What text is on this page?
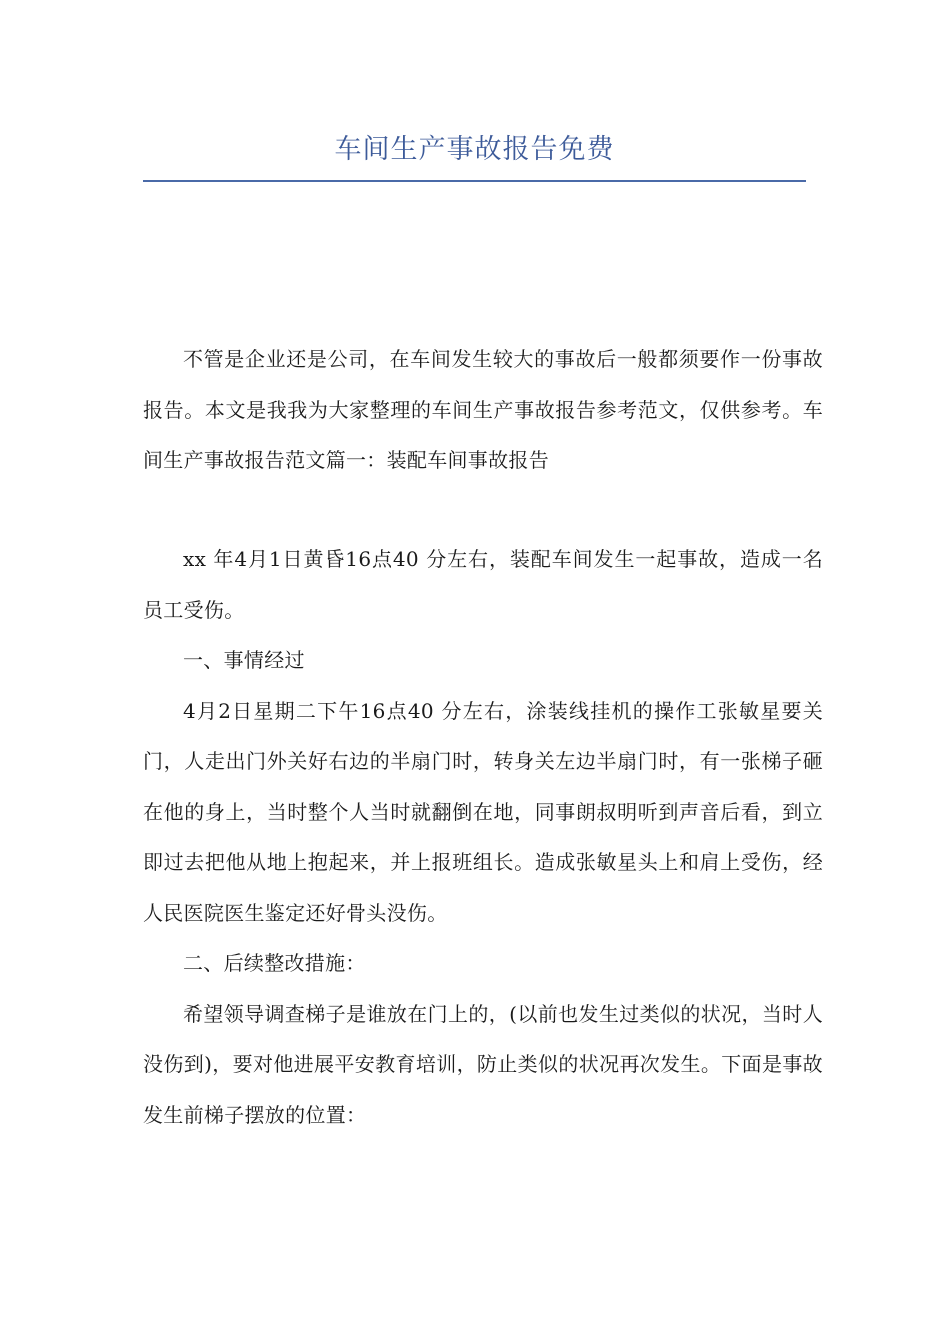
车间生产事故报告免费

不管是企业还是公司，在车间发生较大的事故后一般都须要作一份事故报告。本文是我我为大家整理的车间生产事故报告参考范文，仅供参考。车间生产事故报告范文篇一：装配车间事故报告

xx 年4月1日黄昏16点40 分左右，装配车间发生一起事故，造成一名员工受伤。

一、事情经过

4月2日星期二下午16点40 分左右，涂装线挂机的操作工张敏星要关门，人走出门外关好右边的半扇门时，转身关左边半扇门时，有一张梯子砸在他的身上，当时整个人当时就翻倒在地，同事朗叔明听到声音后看，到立即过去把他从地上抱起来，并上报班组长。造成张敏星头上和肩上受伤，经人民医院医生鉴定还好骨头没伤。

二、后续整改措施：

希望领导调查梯子是谁放在门上的，(以前也发生过类似的状况，当时人没伤到)，要对他进展平安教育培训，防止类似的状况再次发生。下面是事故发生前梯子摆放的位置：
